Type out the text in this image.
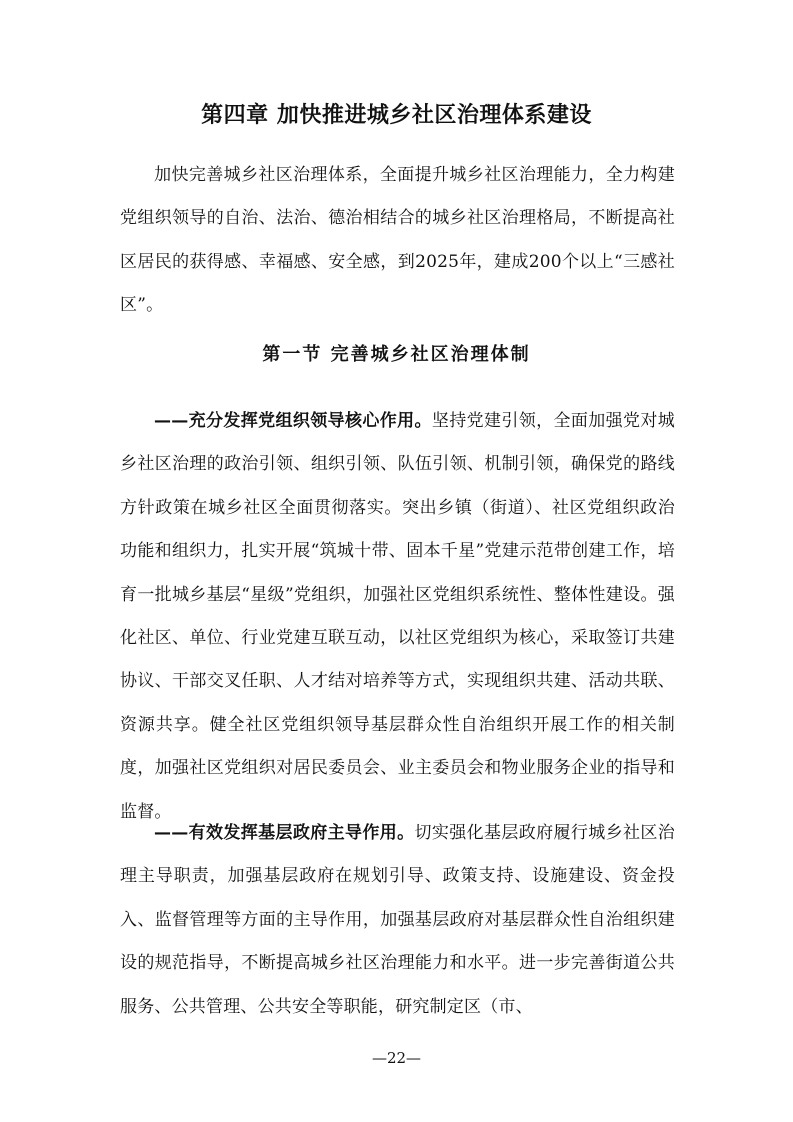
第四章 加快推进城乡社区治理体系建设

加快完善城乡社区治理体系，全面提升城乡社区治理能力，全力构建党组织领导的自治、法治、德治相结合的城乡社区治理格局，不断提高社区居民的获得感、幸福感、安全感，到2025年，建成200个以上“三感社区”。

第一节 完善城乡社区治理体制

——充分发挥党组织领导核心作用。坚持党建引领，全面加强党对城乡社区治理的政治引领、组织引领、队伍引领、机制引领，确保党的路线方针政策在城乡社区全面贯彻落实。突出乡镇（街道）、社区党组织政治功能和组织力，扎实开展“筑城十带、固本千星”党建示范带创建工作，培育一批城乡基层“星级”党组织，加强社区党组织系统性、整体性建设。强化社区、单位、行业党建互联互动，以社区党组织为核心，采取签订共建协议、干部交叉任职、人才结对培养等方式，实现组织共建、活动共联、资源共享。健全社区党组织领导基层群众性自治组织开展工作的相关制度，加强社区党组织对居民委员会、业主委员会和物业服务企业的指导和监督。

——有效发挥基层政府主导作用。切实强化基层政府履行城乡社区治理主导职责，加强基层政府在规划引导、政策支持、设施建设、资金投入、监督管理等方面的主导作用，加强基层政府对基层群众性自治组织建设的规范指导，不断提高城乡社区治理能力和水平。进一步完善街道公共服务、公共管理、公共安全等职能，研究制定区（市、

—22—
